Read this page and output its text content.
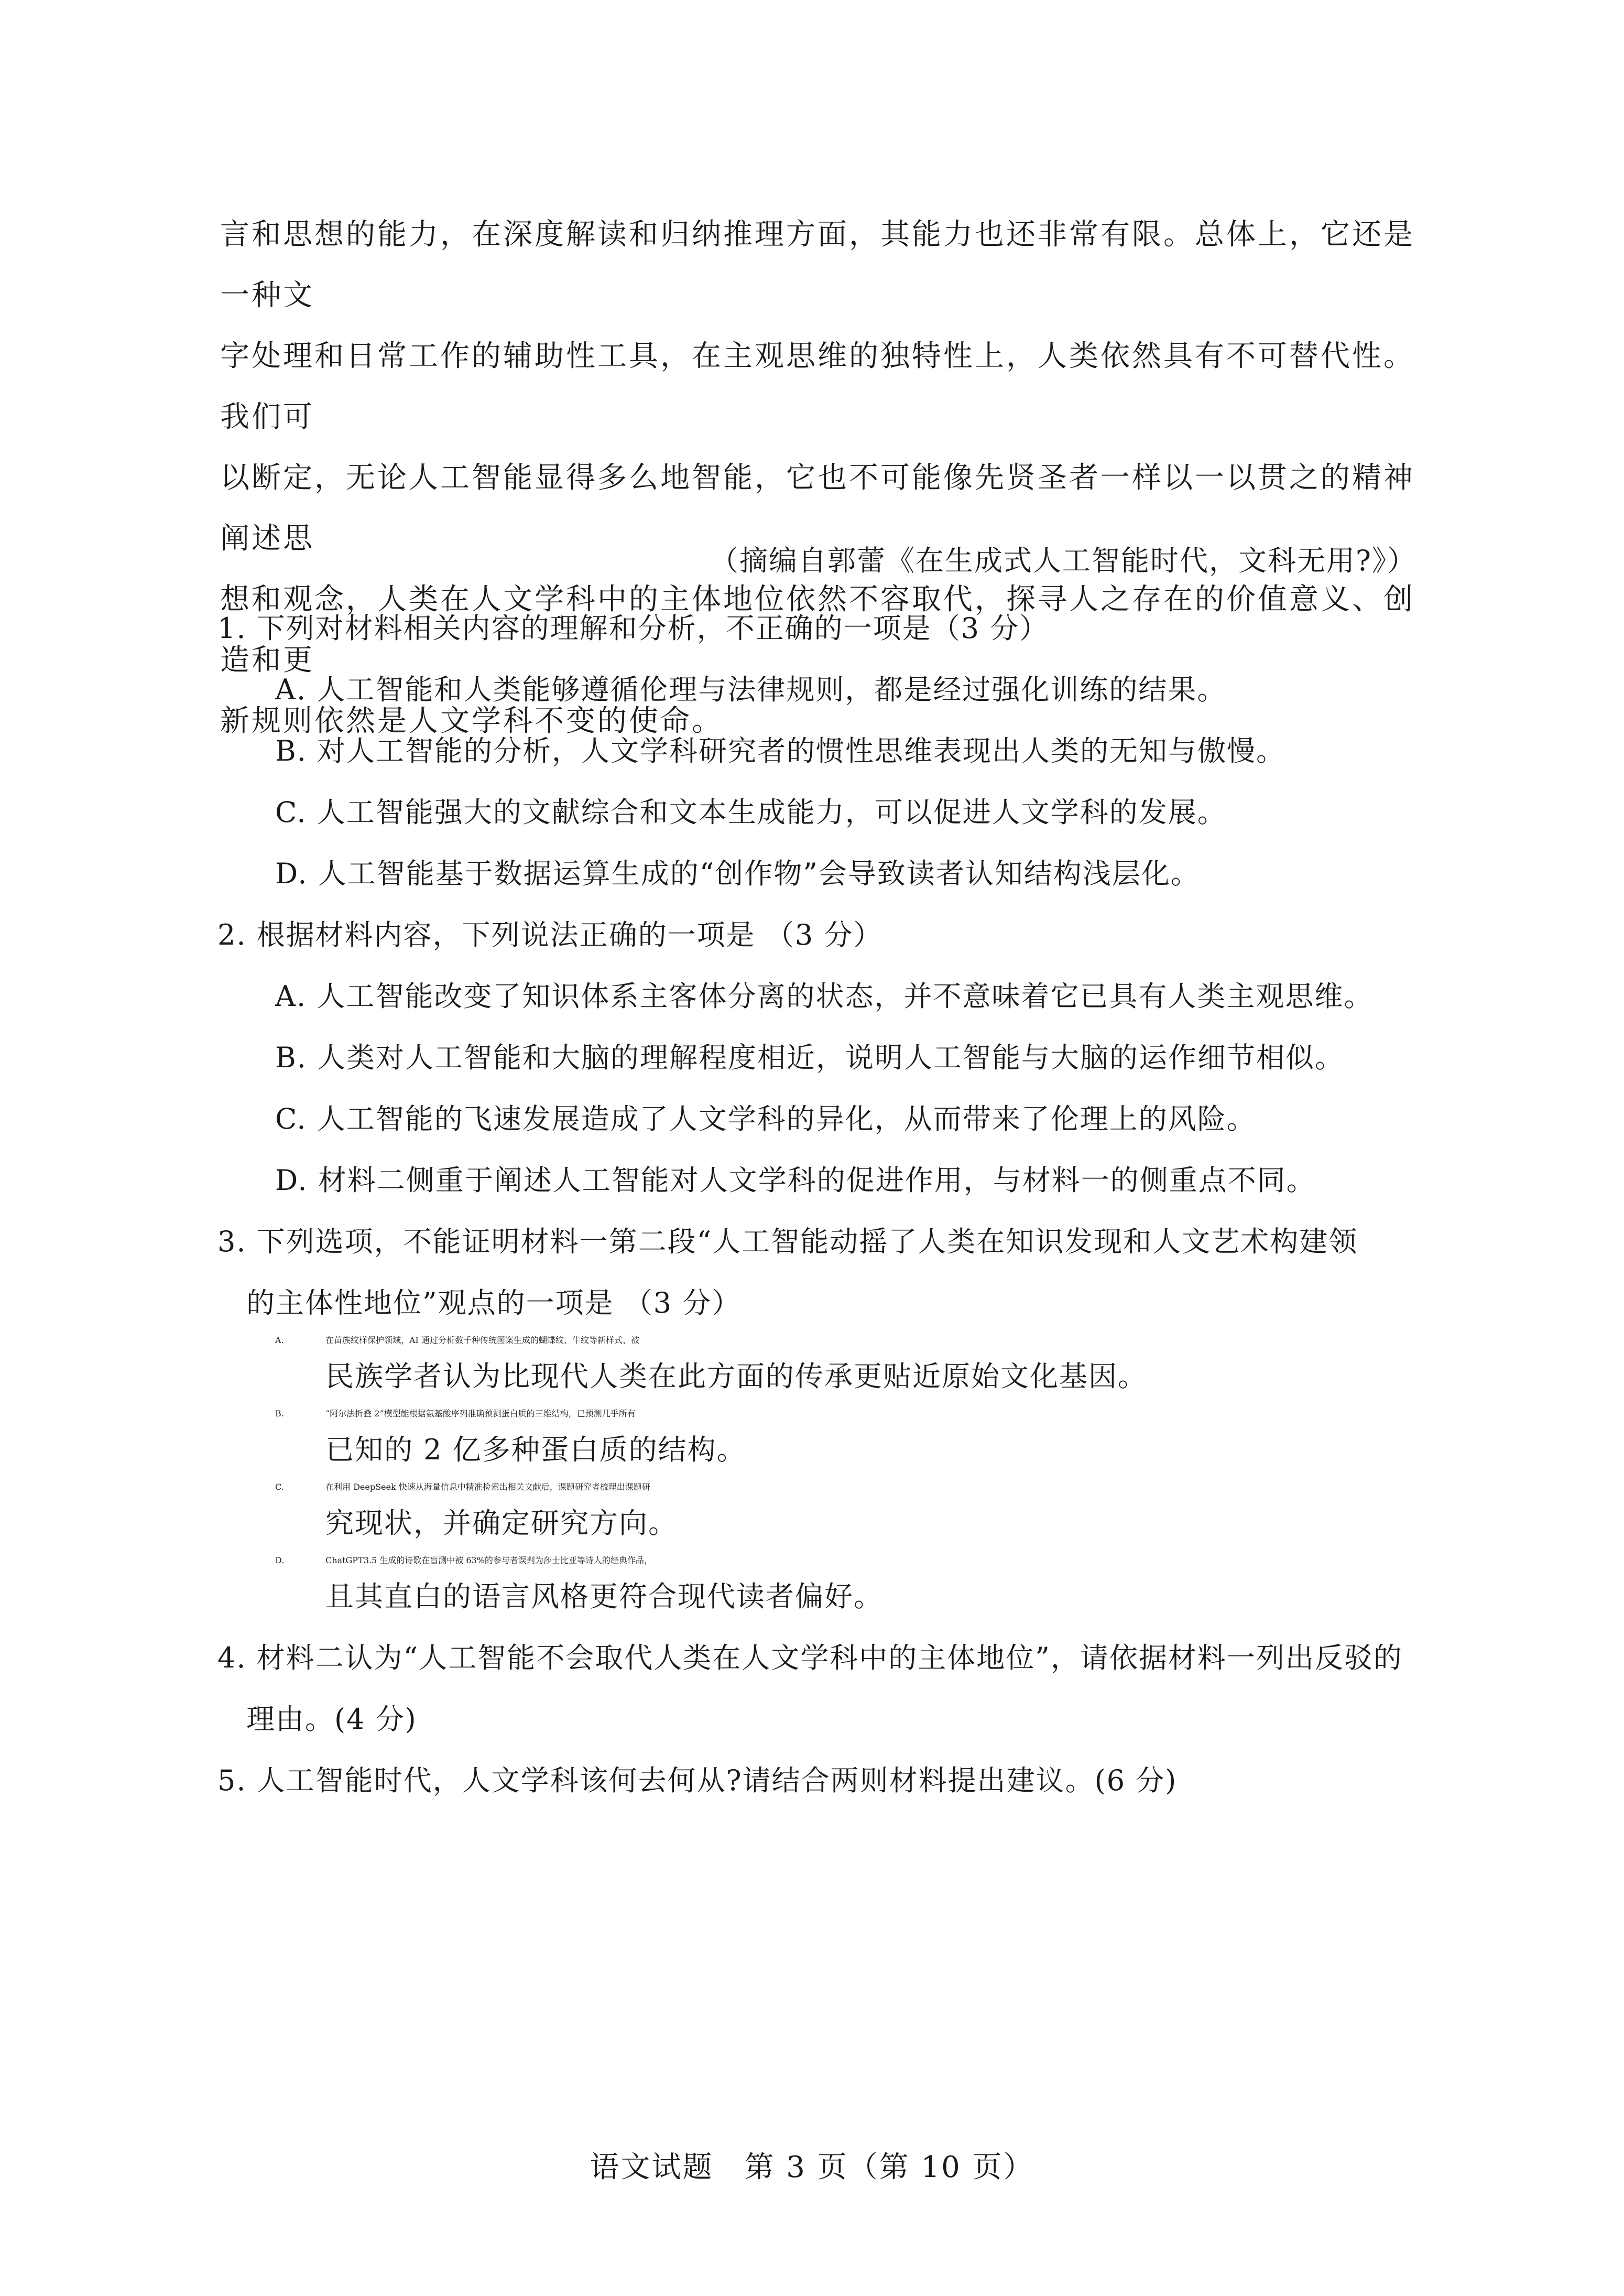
言和思想的能力，在深度解读和归纳推理方面，其能力也还非常有限。总体上，它还是一种文

字处理和日常工作的辅助性工具，在主观思维的独特性上，人类依然具有不可替代性。我们可

以断定，无论人工智能显得多么地智能，它也不可能像先贤圣者一样以一以贯之的精神阐述思

想和观念，人类在人文学科中的主体地位依然不容取代，探寻人之存在的价值意义、创造和更

新规则依然是人文学科不变的使命。

（摘编自郭蕾《在生成式人工智能时代，文科无用?》）
1. 下列对材料相关内容的理解和分析，不正确的一项是（3 分）
A. 人工智能和人类能够遵循伦理与法律规则，都是经过强化训练的结果。
B. 对人工智能的分析，人文学科研究者的惯性思维表现出人类的无知与傲慢。
C. 人工智能强大的文献综合和文本生成能力，可以促进人文学科的发展。
D. 人工智能基于数据运算生成的“创作物”会导致读者认知结构浅层化。
2. 根据材料内容，下列说法正确的一项是 （3 分）
A. 人工智能改变了知识体系主客体分离的状态，并不意味着它已具有人类主观思维。
B. 人类对人工智能和大脑的理解程度相近，说明人工智能与大脑的运作细节相似。
C. 人工智能的飞速发展造成了人文学科的异化，从而带来了伦理上的风险。
D. 材料二侧重于阐述人工智能对人文学科的促进作用，与材料一的侧重点不同。
3. 下列选项，不能证明材料一第二段“人工智能动摇了人类在知识发现和人文艺术构建领
的主体性地位”观点的一项是 （3 分）
A.	在苗族纹样保护领域，AI 通过分析数千种传统图案生成的蝴蝶纹、牛纹等新样式、被
民族学者认为比现代人类在此方面的传承更贴近原始文化基因。
B.	“阿尔法折叠 2”模型能根据氨基酸序列准确预测蛋白质的三维结构，已预测几乎所有
已知的 2 亿多种蛋白质的结构。
C.	在利用 DeepSeek 快速从海量信息中精准检索出相关文献后，课题研究者梳理出课题研
究现状，并确定研究方向。
D.	ChatGPT3.5 生成的诗歌在盲测中被 63%的参与者误判为莎士比亚等诗人的经典作品，
且其直白的语言风格更符合现代读者偏好。
4. 材料二认为“人工智能不会取代人类在人文学科中的主体地位”，请依据材料一列出反驳的
理由。(4 分)
5. 人工智能时代，人文学科该何去何从?请结合两则材料提出建议。(6 分)
语文试题　第 3 页（第 10 页）
